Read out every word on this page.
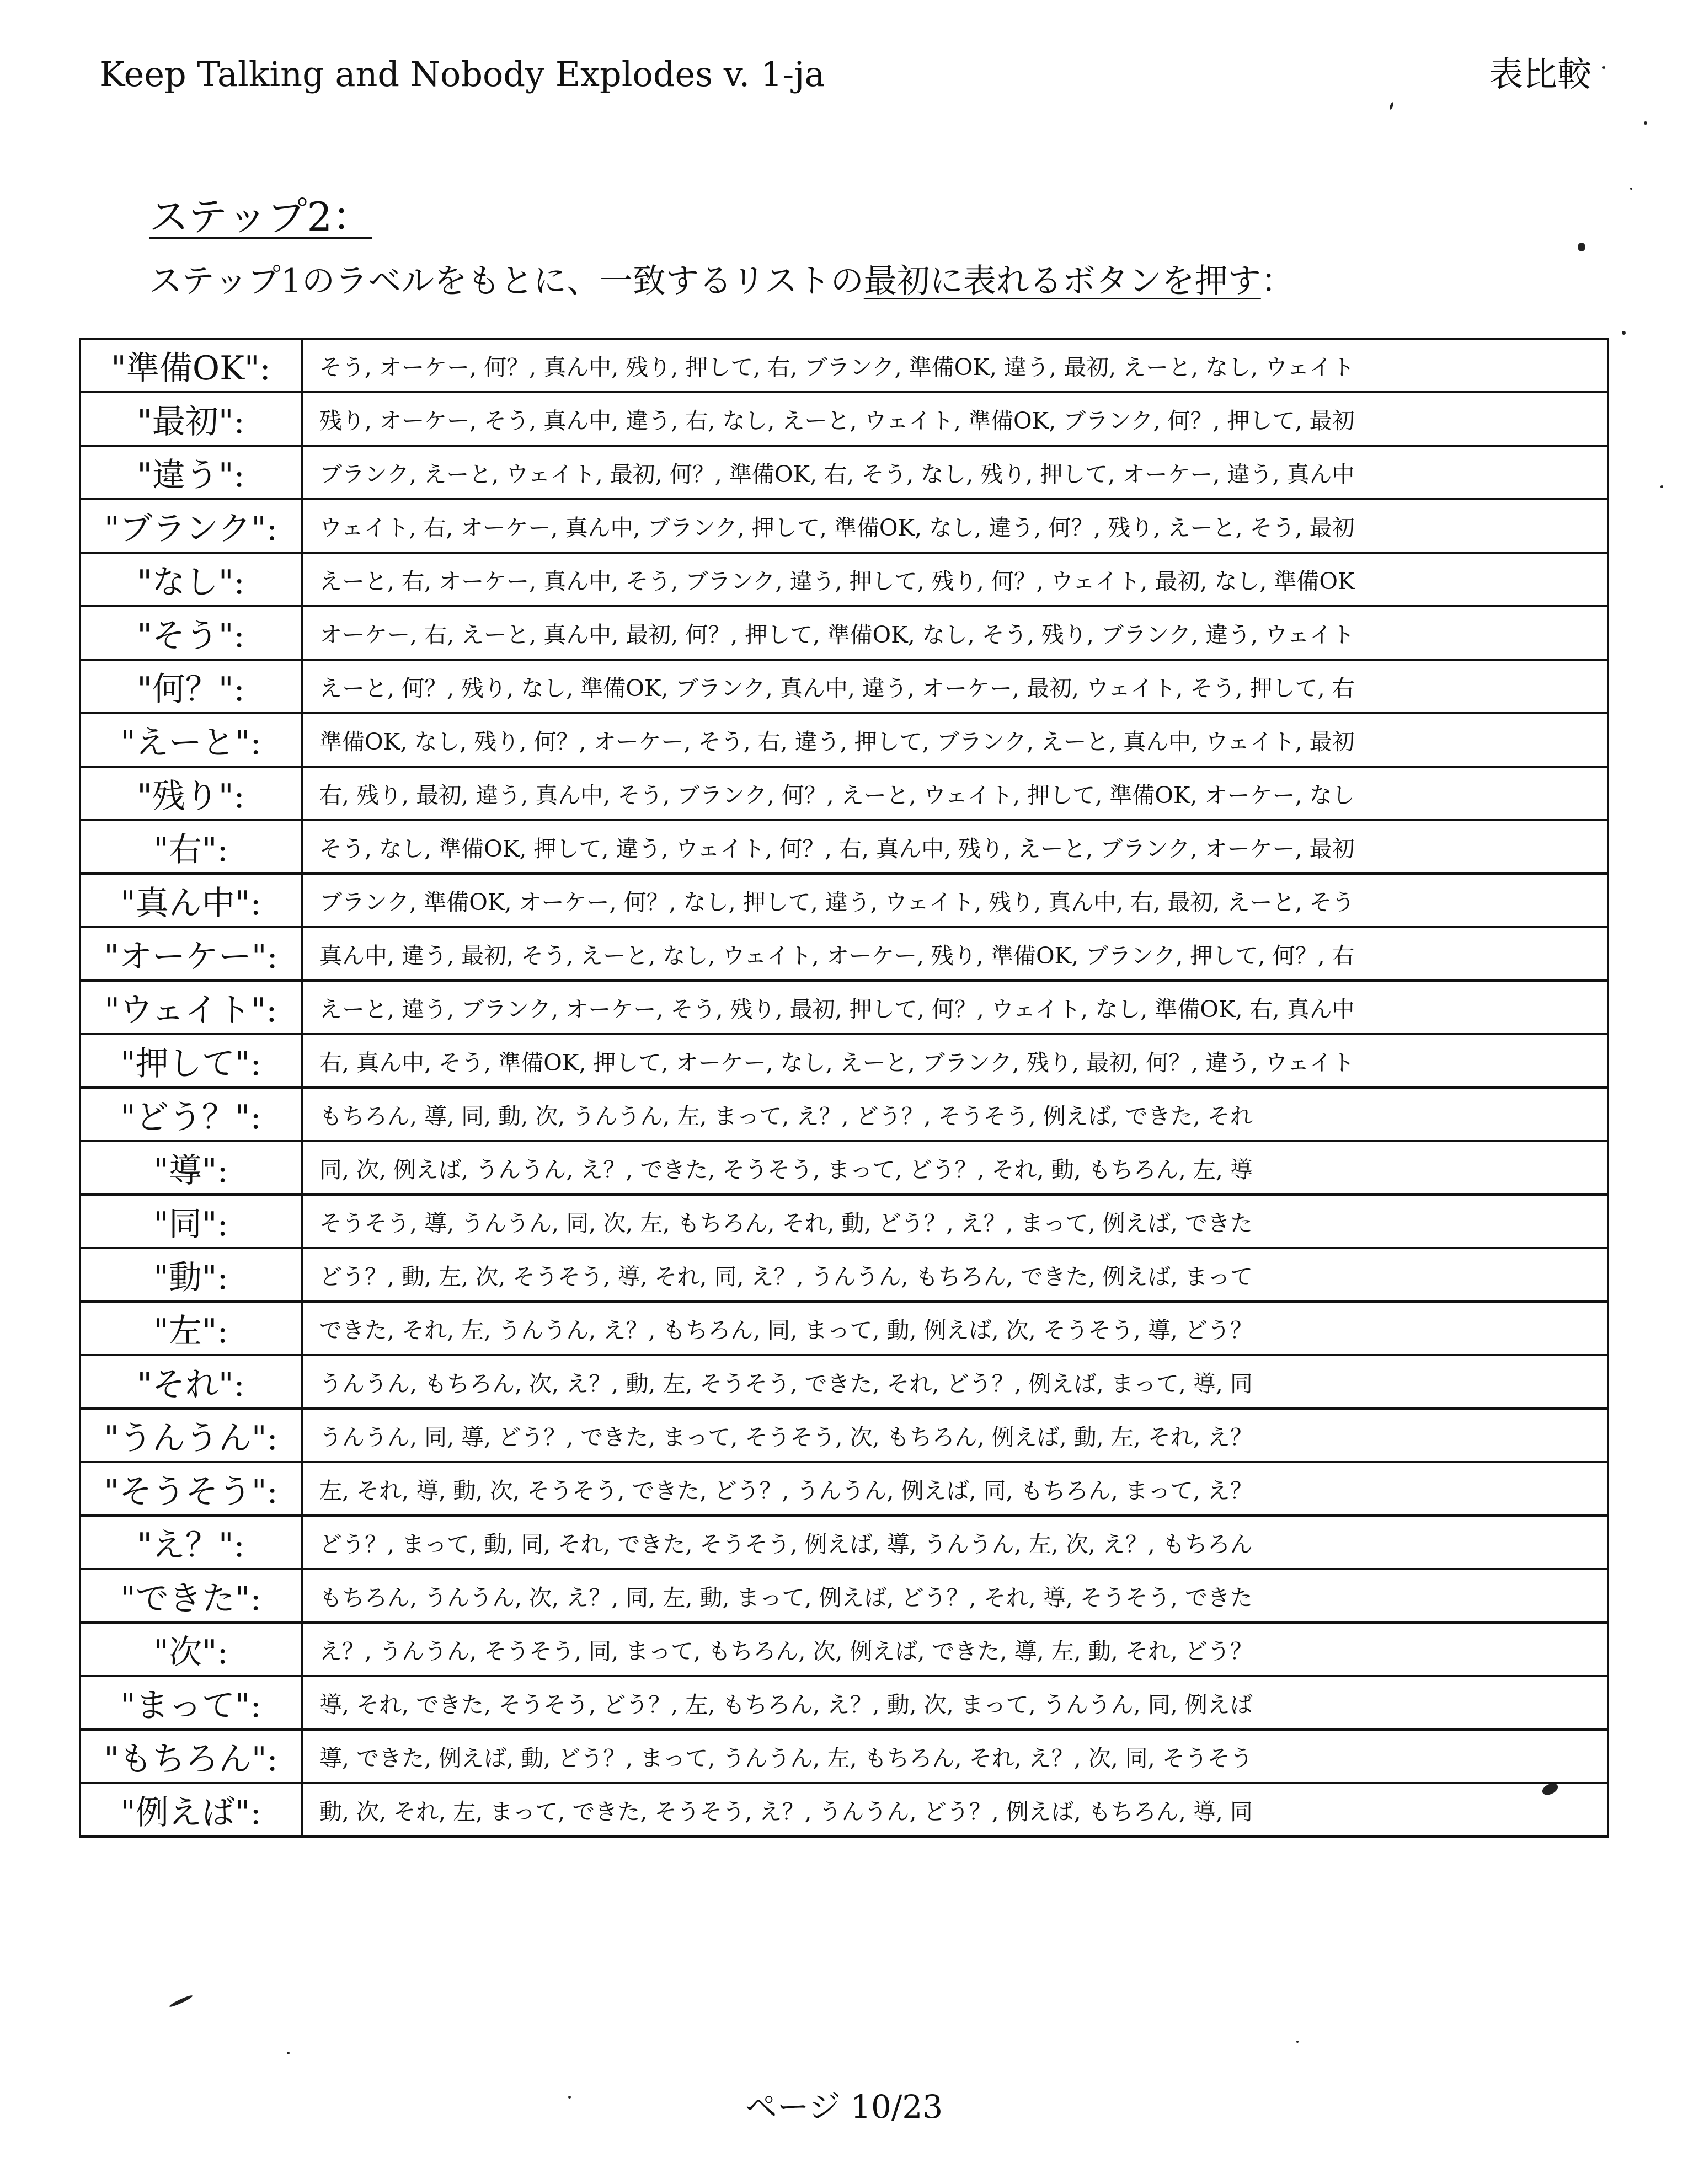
Keep Talking and Nobody Explodes v. 1-ja	表比較
ステップ2：
ステップ1のラベルをもとに、一致するリストの最初に表れるボタンを押す：
"準備OK":	そう, オーケー, 何？, 真ん中, 残り, 押して, 右, ブランク, 準備OK, 違う, 最初, えーと, なし, ウェイト
"最初":	残り, オーケー, そう, 真ん中, 違う, 右, なし, えーと, ウェイト, 準備OK, ブランク, 何？, 押して, 最初
"違う":	ブランク, えーと, ウェイト, 最初, 何？, 準備OK, 右, そう, なし, 残り, 押して, オーケー, 違う, 真ん中
"ブランク":	ウェイト, 右, オーケー, 真ん中, ブランク, 押して, 準備OK, なし, 違う, 何？, 残り, えーと, そう, 最初
"なし":	えーと, 右, オーケー, 真ん中, そう, ブランク, 違う, 押して, 残り, 何？, ウェイト, 最初, なし, 準備OK
"そう":	オーケー, 右, えーと, 真ん中, 最初, 何？, 押して, 準備OK, なし, そう, 残り, ブランク, 違う, ウェイト
"何？":	えーと, 何？, 残り, なし, 準備OK, ブランク, 真ん中, 違う, オーケー, 最初, ウェイト, そう, 押して, 右
"えーと":	準備OK, なし, 残り, 何？, オーケー, そう, 右, 違う, 押して, ブランク, えーと, 真ん中, ウェイト, 最初
"残り":	右, 残り, 最初, 違う, 真ん中, そう, ブランク, 何？, えーと, ウェイト, 押して, 準備OK, オーケー, なし
"右":	そう, なし, 準備OK, 押して, 違う, ウェイト, 何？, 右, 真ん中, 残り, えーと, ブランク, オーケー, 最初
"真ん中":	ブランク, 準備OK, オーケー, 何？, なし, 押して, 違う, ウェイト, 残り, 真ん中, 右, 最初, えーと, そう
"オーケー":	真ん中, 違う, 最初, そう, えーと, なし, ウェイト, オーケー, 残り, 準備OK, ブランク, 押して, 何？, 右
"ウェイト":	えーと, 違う, ブランク, オーケー, そう, 残り, 最初, 押して, 何？, ウェイト, なし, 準備OK, 右, 真ん中
"押して":	右, 真ん中, そう, 準備OK, 押して, オーケー, なし, えーと, ブランク, 残り, 最初, 何？, 違う, ウェイト
"どう？":	もちろん, 導, 同, 動, 次, うんうん, 左, まって, え？, どう？, そうそう, 例えば, できた, それ
"導":	同, 次, 例えば, うんうん, え？, できた, そうそう, まって, どう？, それ, 動, もちろん, 左, 導
"同":	そうそう, 導, うんうん, 同, 次, 左, もちろん, それ, 動, どう？, え？, まって, 例えば, できた
"動":	どう？, 動, 左, 次, そうそう, 導, それ, 同, え？, うんうん, もちろん, できた, 例えば, まって
"左":	できた, それ, 左, うんうん, え？, もちろん, 同, まって, 動, 例えば, 次, そうそう, 導, どう？
"それ":	うんうん, もちろん, 次, え？, 動, 左, そうそう, できた, それ, どう？, 例えば, まって, 導, 同
"うんうん":	うんうん, 同, 導, どう？, できた, まって, そうそう, 次, もちろん, 例えば, 動, 左, それ, え？
"そうそう":	左, それ, 導, 動, 次, そうそう, できた, どう？, うんうん, 例えば, 同, もちろん, まって, え？
"え？":	どう？, まって, 動, 同, それ, できた, そうそう, 例えば, 導, うんうん, 左, 次, え？, もちろん
"できた":	もちろん, うんうん, 次, え？, 同, 左, 動, まって, 例えば, どう？, それ, 導, そうそう, できた
"次":	え？, うんうん, そうそう, 同, まって, もちろん, 次, 例えば, できた, 導, 左, 動, それ, どう？
"まって":	導, それ, できた, そうそう, どう？, 左, もちろん, え？, 動, 次, まって, うんうん, 同, 例えば
"もちろん":	導, できた, 例えば, 動, どう？, まって, うんうん, 左, もちろん, それ, え？, 次, 同, そうそう
"例えば":	動, 次, それ, 左, まって, できた, そうそう, え？, うんうん, どう？, 例えば, もちろん, 導, 同
ページ 10/23
